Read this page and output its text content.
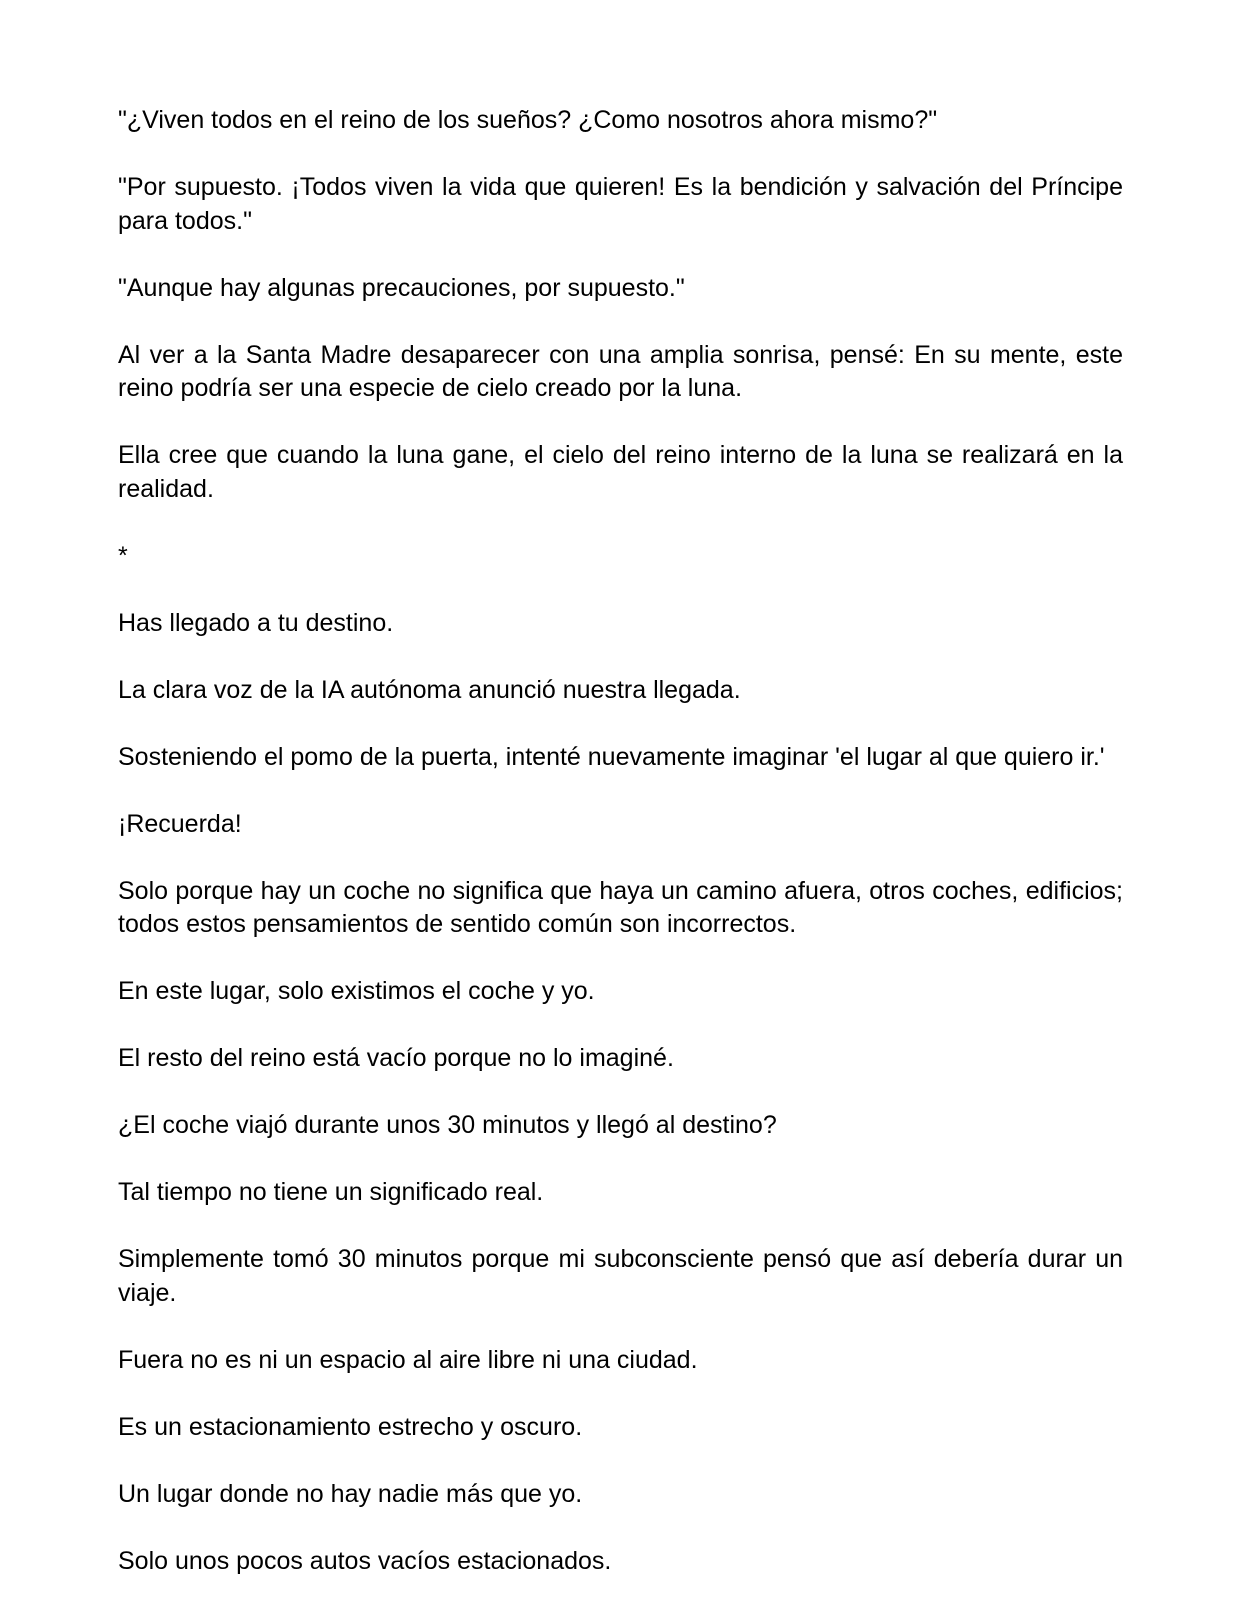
"¿Viven todos en el reino de los sueños? ¿Como nosotros ahora mismo?"

"Por supuesto. ¡Todos viven la vida que quieren! Es la bendición y salvación del Príncipe para todos."

"Aunque hay algunas precauciones, por supuesto."

Al ver a la Santa Madre desaparecer con una amplia sonrisa, pensé: En su mente, este reino podría ser una especie de cielo creado por la luna.

Ella cree que cuando la luna gane, el cielo del reino interno de la luna se realizará en la realidad.

*

Has llegado a tu destino.

La clara voz de la IA autónoma anunció nuestra llegada.

Sosteniendo el pomo de la puerta, intenté nuevamente imaginar 'el lugar al que quiero ir.'

¡Recuerda!

Solo porque hay un coche no significa que haya un camino afuera, otros coches, edificios; todos estos pensamientos de sentido común son incorrectos.

En este lugar, solo existimos el coche y yo.

El resto del reino está vacío porque no lo imaginé.

¿El coche viajó durante unos 30 minutos y llegó al destino?

Tal tiempo no tiene un significado real.

Simplemente tomó 30 minutos porque mi subconsciente pensó que así debería durar un viaje.

Fuera no es ni un espacio al aire libre ni una ciudad.

Es un estacionamiento estrecho y oscuro.

Un lugar donde no hay nadie más que yo.

Solo unos pocos autos vacíos estacionados.
